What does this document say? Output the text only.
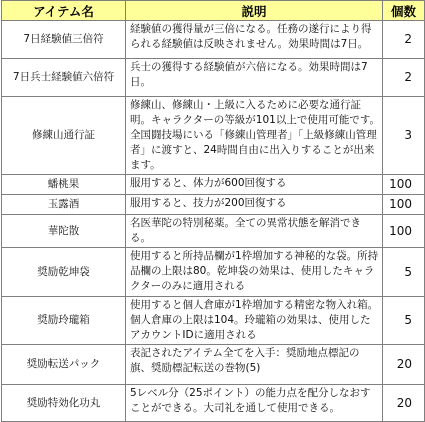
アイテム名	説明	個数
7日経験値三倍符	経験値の獲得量が三倍になる。任務の遂行により得られる経験値は反映されません。効果時間は7日。	2
7日兵士経験値六倍符	兵士の獲得する経験値が六倍になる。効果時間は7日。	2
修練山通行証	修練山、修練山・上級に入るために必要な通行証明。キャラクターの等級が101以上で使用可能です。全国闘技場にいる「修練山管理者」「上級修練山管理者」に渡すと、24時間自由に出入りすることが出来ます。	3
蟠桃果	服用すると、体力が600回復する	100
玉露酒	服用すると、技力が200回復する	100
華陀散	名医華陀の特別秘薬。全ての異常状態を解消できる。	100
奨励乾坤袋	使用すると所持品欄が1枠増加する神秘的な袋。所持品欄の上限は80。乾坤袋の効果は、使用したキャラクターのみに適用される	5
奨励玲瓏箱	使用すると個人倉庫が1枠増加する精密な物入れ箱。個人倉庫の上限は104。玲瓏箱の効果は、使用したアカウントIDに適用される	5
奨励転送パック	表記されたアイテム全てを入手：奨励地点標記の旗、奨励標記転送の巻物(5)	20
奨励特効化功丸	5レベル分（25ポイント）の能力点を配分しなおすことができる。大司礼を通して使用できる。	20
